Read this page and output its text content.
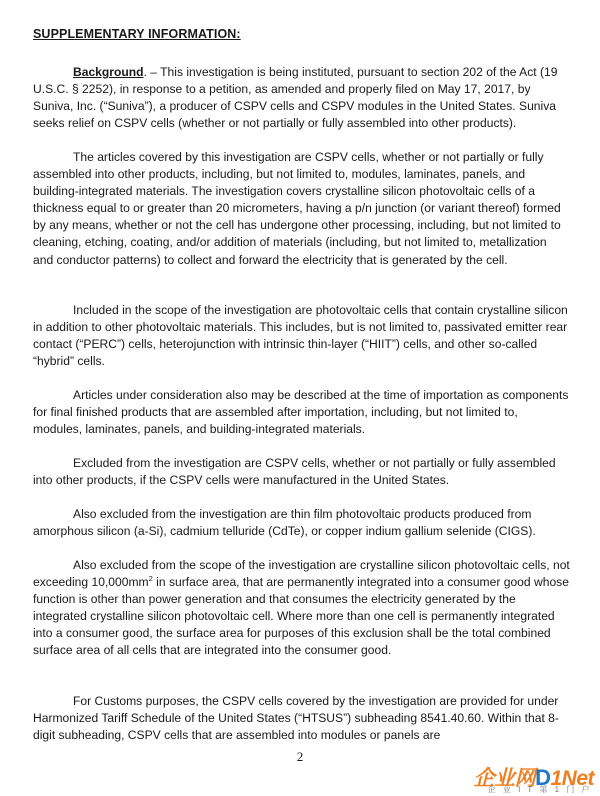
SUPPLEMENTARY INFORMATION:

Background. – This investigation is being instituted, pursuant to section 202 of the Act (19 U.S.C. § 2252), in response to a petition, as amended and properly filed on May 17, 2017, by Suniva, Inc. (“Suniva”), a producer of CSPV cells and CSPV modules in the United States. Suniva seeks relief on CSPV cells (whether or not partially or fully assembled into other products).

The articles covered by this investigation are CSPV cells, whether or not partially or fully assembled into other products, including, but not limited to, modules, laminates, panels, and building-integrated materials. The investigation covers crystalline silicon photovoltaic cells of a thickness equal to or greater than 20 micrometers, having a p/n junction (or variant thereof) formed by any means, whether or not the cell has undergone other processing, including, but not limited to cleaning, etching, coating, and/or addition of materials (including, but not limited to, metallization and conductor patterns) to collect and forward the electricity that is generated by the cell.

Included in the scope of the investigation are photovoltaic cells that contain crystalline silicon in addition to other photovoltaic materials. This includes, but is not limited to, passivated emitter rear contact (“PERC”) cells, heterojunction with intrinsic thin-layer (“HIIT”) cells, and other so-called “hybrid” cells.

Articles under consideration also may be described at the time of importation as components for final finished products that are assembled after importation, including, but not limited to, modules, laminates, panels, and building-integrated materials.

Excluded from the investigation are CSPV cells, whether or not partially or fully assembled into other products, if the CSPV cells were manufactured in the United States.

Also excluded from the investigation are thin film photovoltaic products produced from amorphous silicon (a-Si), cadmium telluride (CdTe), or copper indium gallium selenide (CIGS).

Also excluded from the scope of the investigation are crystalline silicon photovoltaic cells, not exceeding $10,000mm^2$ in surface area, that are permanently integrated into a consumer good whose function is other than power generation and that consumes the electricity generated by the integrated crystalline silicon photovoltaic cell. Where more than one cell is permanently integrated into a consumer good, the surface area for purposes of this exclusion shall be the total combined surface area of all cells that are integrated into the consumer good.

For Customs purposes, the CSPV cells covered by the investigation are provided for under Harmonized Tariff Schedule of the United States (“HTSUS”) subheading 8541.40.60. Within that 8-digit subheading, CSPV cells that are assembled into modules or panels are

2
企业网D1Net
企 业 I T 第 1 门 户
